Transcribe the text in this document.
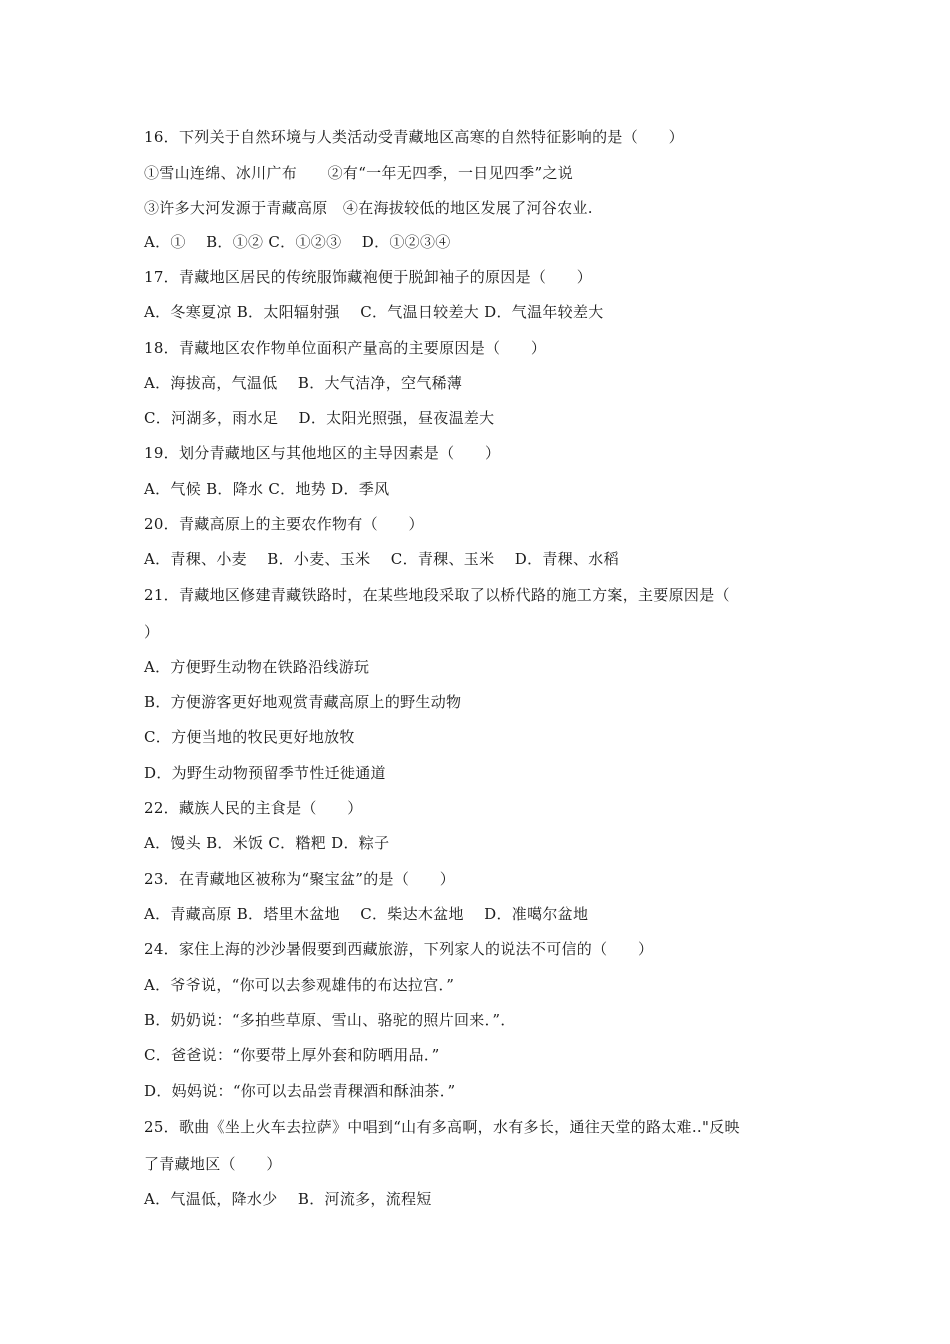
16．下列关于自然环境与人类活动受青藏地区高寒的自然特征影响的是（　　）
①雪山连绵、冰川广布　　②有“一年无四季，一日见四季”之说
③许多大河发源于青藏高原　④在海拔较低的地区发展了河谷农业.
A．①　 B．①② C．①②③　 D．①②③④
17．青藏地区居民的传统服饰藏袍便于脱卸袖子的原因是（　　）
A．冬寒夏凉 B．太阳辐射强　 C．气温日较差大 D．气温年较差大
18．青藏地区农作物单位面积产量高的主要原因是（　　）
A．海拔高，气温低　 B．大气洁净，空气稀薄
C．河湖多，雨水足　 D．太阳光照强，昼夜温差大
19．划分青藏地区与其他地区的主导因素是（　　）
A．气候 B．降水 C．地势 D．季风
20．青藏高原上的主要农作物有（　　）
A．青稞、小麦　 B．小麦、玉米　 C．青稞、玉米　 D．青稞、水稻
21．青藏地区修建青藏铁路时，在某些地段采取了以桥代路的施工方案，主要原因是（
）
A．方便野生动物在铁路沿线游玩
B．方便游客更好地观赏青藏高原上的野生动物
C．方便当地的牧民更好地放牧
D．为野生动物预留季节性迁徙通道
22．藏族人民的主食是（　　）
A．馒头 B．米饭 C．糌粑 D．粽子
23．在青藏地区被称为“聚宝盆”的是（　　）
A．青藏高原 B．塔里木盆地　 C．柴达木盆地　 D．准噶尔盆地
24．家住上海的沙沙暑假要到西藏旅游，下列家人的说法不可信的（　　）
A．爷爷说，“你可以去参观雄伟的布达拉宫．”
B．奶奶说：“多拍些草原、雪山、骆驼的照片回来．”．
C．爸爸说：“你要带上厚外套和防晒用品．”
D．妈妈说：“你可以去品尝青稞酒和酥油茶．”
25．歌曲《坐上火车去拉萨》中唱到“山有多高啊，水有多长，通往天堂的路太难.."反映
了青藏地区（　　）
A．气温低，降水少　 B．河流多，流程短
